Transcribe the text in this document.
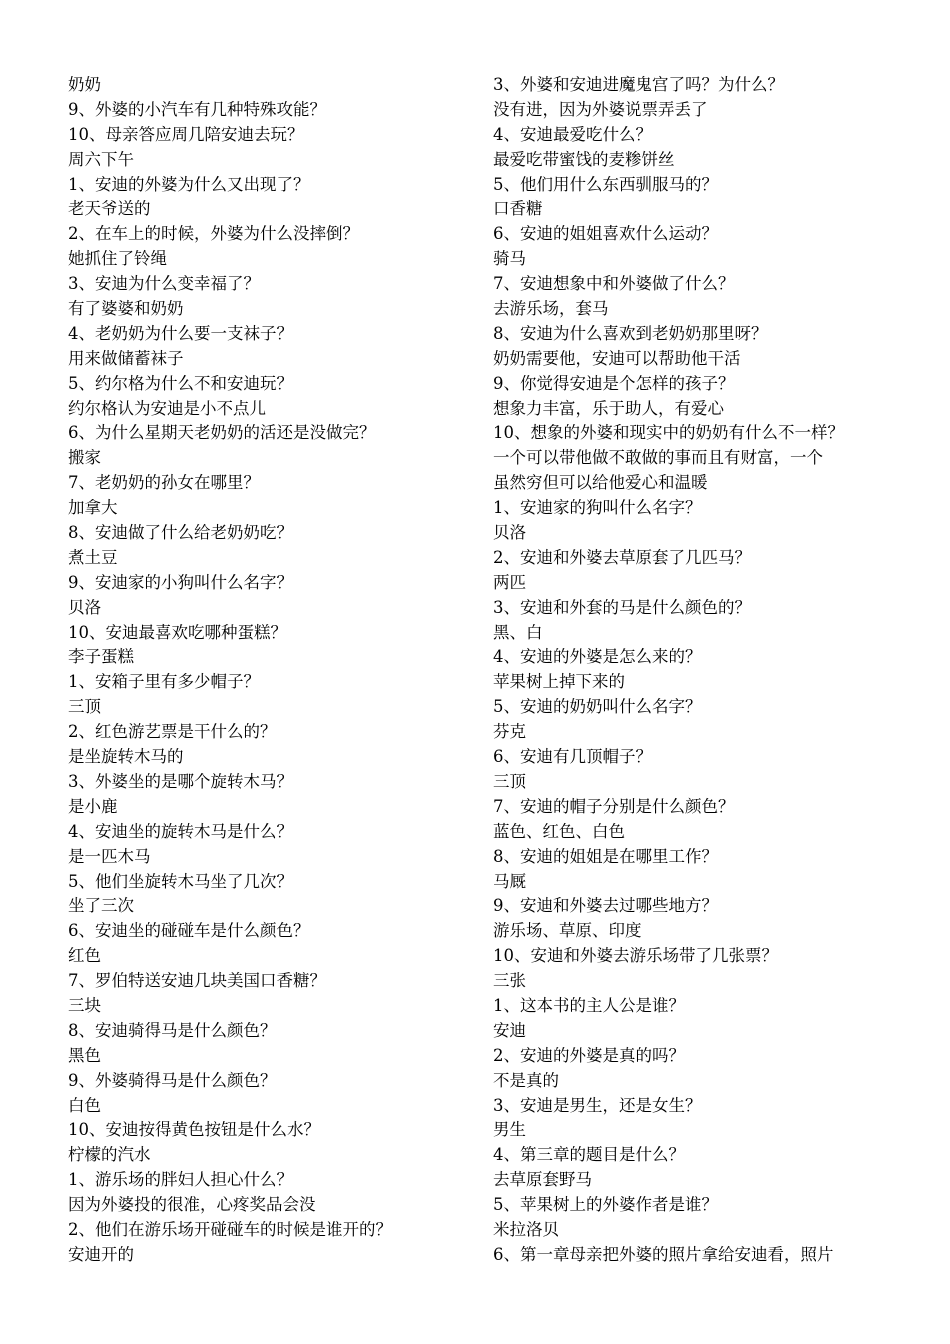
奶奶
9、外婆的小汽车有几种特殊攻能？
10、母亲答应周几陪安迪去玩？
周六下午
1、安迪的外婆为什么又出现了？
老天爷送的
2、在车上的时候，外婆为什么没摔倒？
她抓住了铃绳
3、安迪为什么变幸福了？
有了婆婆和奶奶
4、老奶奶为什么要一支袜子？
用来做储蓄袜子
5、约尔格为什么不和安迪玩？
约尔格认为安迪是小不点儿
6、为什么星期天老奶奶的活还是没做完？
搬家
7、老奶奶的孙女在哪里？
加拿大
8、安迪做了什么给老奶奶吃？
煮土豆
9、安迪家的小狗叫什么名字？
贝洛
10、安迪最喜欢吃哪种蛋糕？
李子蛋糕
1、安箱子里有多少帽子？
三顶
2、红色游艺票是干什么的？
是坐旋转木马的
3、外婆坐的是哪个旋转木马？
是小鹿
4、安迪坐的旋转木马是什么？
是一匹木马
5、他们坐旋转木马坐了几次？
坐了三次
6、安迪坐的碰碰车是什么颜色？
红色
7、罗伯特送安迪几块美国口香糖？
三块
8、安迪骑得马是什么颜色？
黑色
9、外婆骑得马是什么颜色？
白色
10、安迪按得黄色按钮是什么水？
柠檬的汽水
1、游乐场的胖妇人担心什么？
因为外婆投的很准，心疼奖品会没
2、他们在游乐场开碰碰车的时候是谁开的？
安迪开的
3、外婆和安迪进魔鬼宫了吗？为什么？
没有进，因为外婆说票弄丢了
4、安迪最爱吃什么？
最爱吃带蜜饯的麦糁饼丝
5、他们用什么东西驯服马的？
口香糖
6、安迪的姐姐喜欢什么运动？
骑马
7、安迪想象中和外婆做了什么？
去游乐场，套马
8、安迪为什么喜欢到老奶奶那里呀？
奶奶需要他，安迪可以帮助他干活
9、你觉得安迪是个怎样的孩子？
想象力丰富，乐于助人，有爱心
10、想象的外婆和现实中的奶奶有什么不一样？
一个可以带他做不敢做的事而且有财富，一个
虽然穷但可以给他爱心和温暖
1、安迪家的狗叫什么名字？
贝洛
2、安迪和外婆去草原套了几匹马？
两匹
3、安迪和外套的马是什么颜色的？
黑、白
4、安迪的外婆是怎么来的？
苹果树上掉下来的
5、安迪的奶奶叫什么名字？
芬克
6、安迪有几顶帽子？
三顶
7、安迪的帽子分别是什么颜色？
蓝色、红色、白色
8、安迪的姐姐是在哪里工作？
马厩
9、安迪和外婆去过哪些地方？
游乐场、草原、印度
10、安迪和外婆去游乐场带了几张票？
三张
1、这本书的主人公是谁？
安迪
2、安迪的外婆是真的吗？
不是真的
3、安迪是男生，还是女生？
男生
4、第三章的题目是什么？
去草原套野马
5、苹果树上的外婆作者是谁？
米拉洛贝
6、第一章母亲把外婆的照片拿给安迪看，照片
